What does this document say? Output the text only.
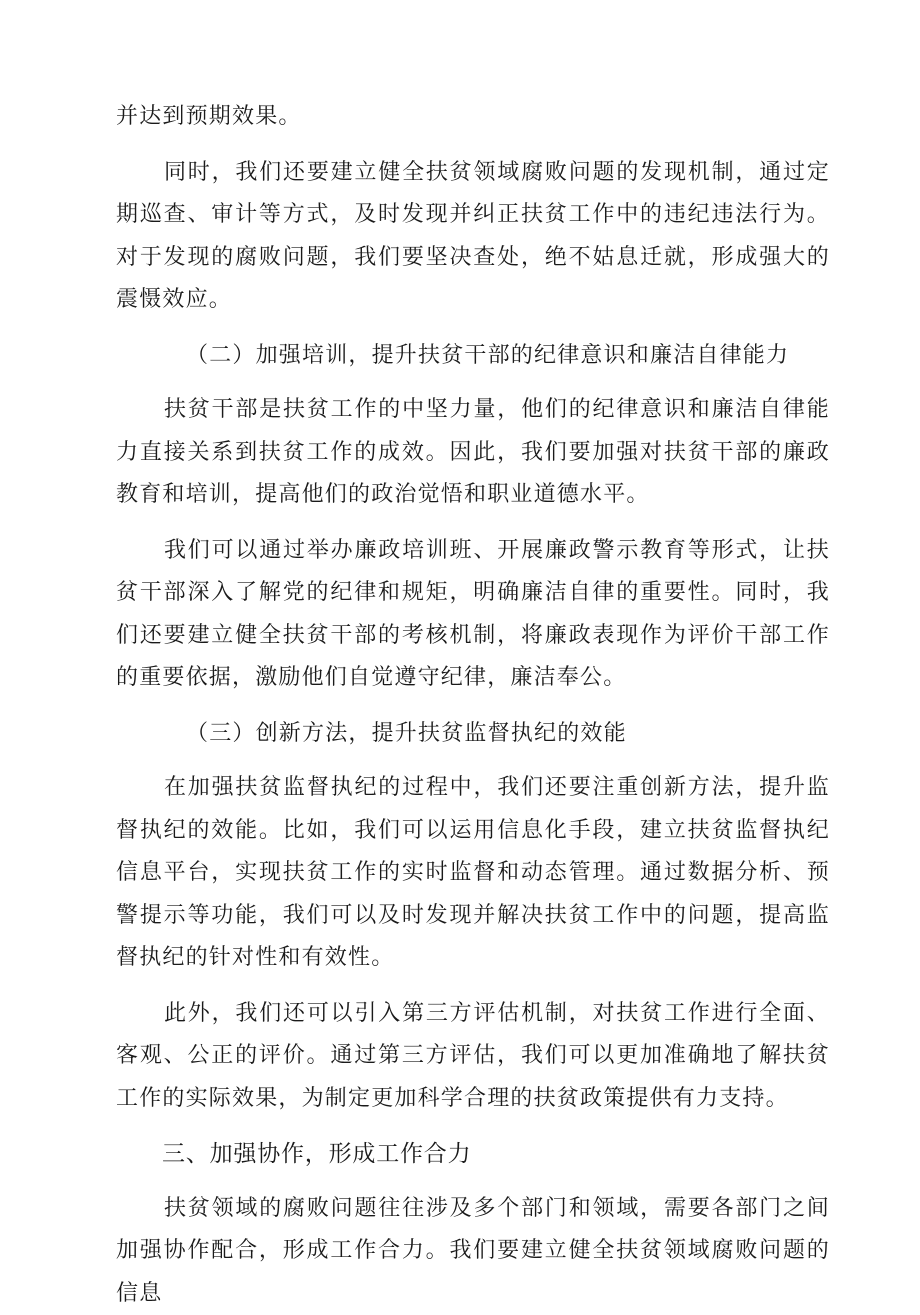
并达到预期效果。

同时，我们还要建立健全扶贫领域腐败问题的发现机制，通过定期巡查、审计等方式，及时发现并纠正扶贫工作中的违纪违法行为。对于发现的腐败问题，我们要坚决查处，绝不姑息迁就，形成强大的震慑效应。

（二）加强培训，提升扶贫干部的纪律意识和廉洁自律能力

扶贫干部是扶贫工作的中坚力量，他们的纪律意识和廉洁自律能力直接关系到扶贫工作的成效。因此，我们要加强对扶贫干部的廉政教育和培训，提高他们的政治觉悟和职业道德水平。

我们可以通过举办廉政培训班、开展廉政警示教育等形式，让扶贫干部深入了解党的纪律和规矩，明确廉洁自律的重要性。同时，我们还要建立健全扶贫干部的考核机制，将廉政表现作为评价干部工作的重要依据，激励他们自觉遵守纪律，廉洁奉公。

（三）创新方法，提升扶贫监督执纪的效能

在加强扶贫监督执纪的过程中，我们还要注重创新方法，提升监督执纪的效能。比如，我们可以运用信息化手段，建立扶贫监督执纪信息平台，实现扶贫工作的实时监督和动态管理。通过数据分析、预警提示等功能，我们可以及时发现并解决扶贫工作中的问题，提高监督执纪的针对性和有效性。

此外，我们还可以引入第三方评估机制，对扶贫工作进行全面、客观、公正的评价。通过第三方评估，我们可以更加准确地了解扶贫工作的实际效果，为制定更加科学合理的扶贫政策提供有力支持。

三、加强协作，形成工作合力

扶贫领域的腐败问题往往涉及多个部门和领域，需要各部门之间加强协作配合，形成工作合力。我们要建立健全扶贫领域腐败问题的信息
